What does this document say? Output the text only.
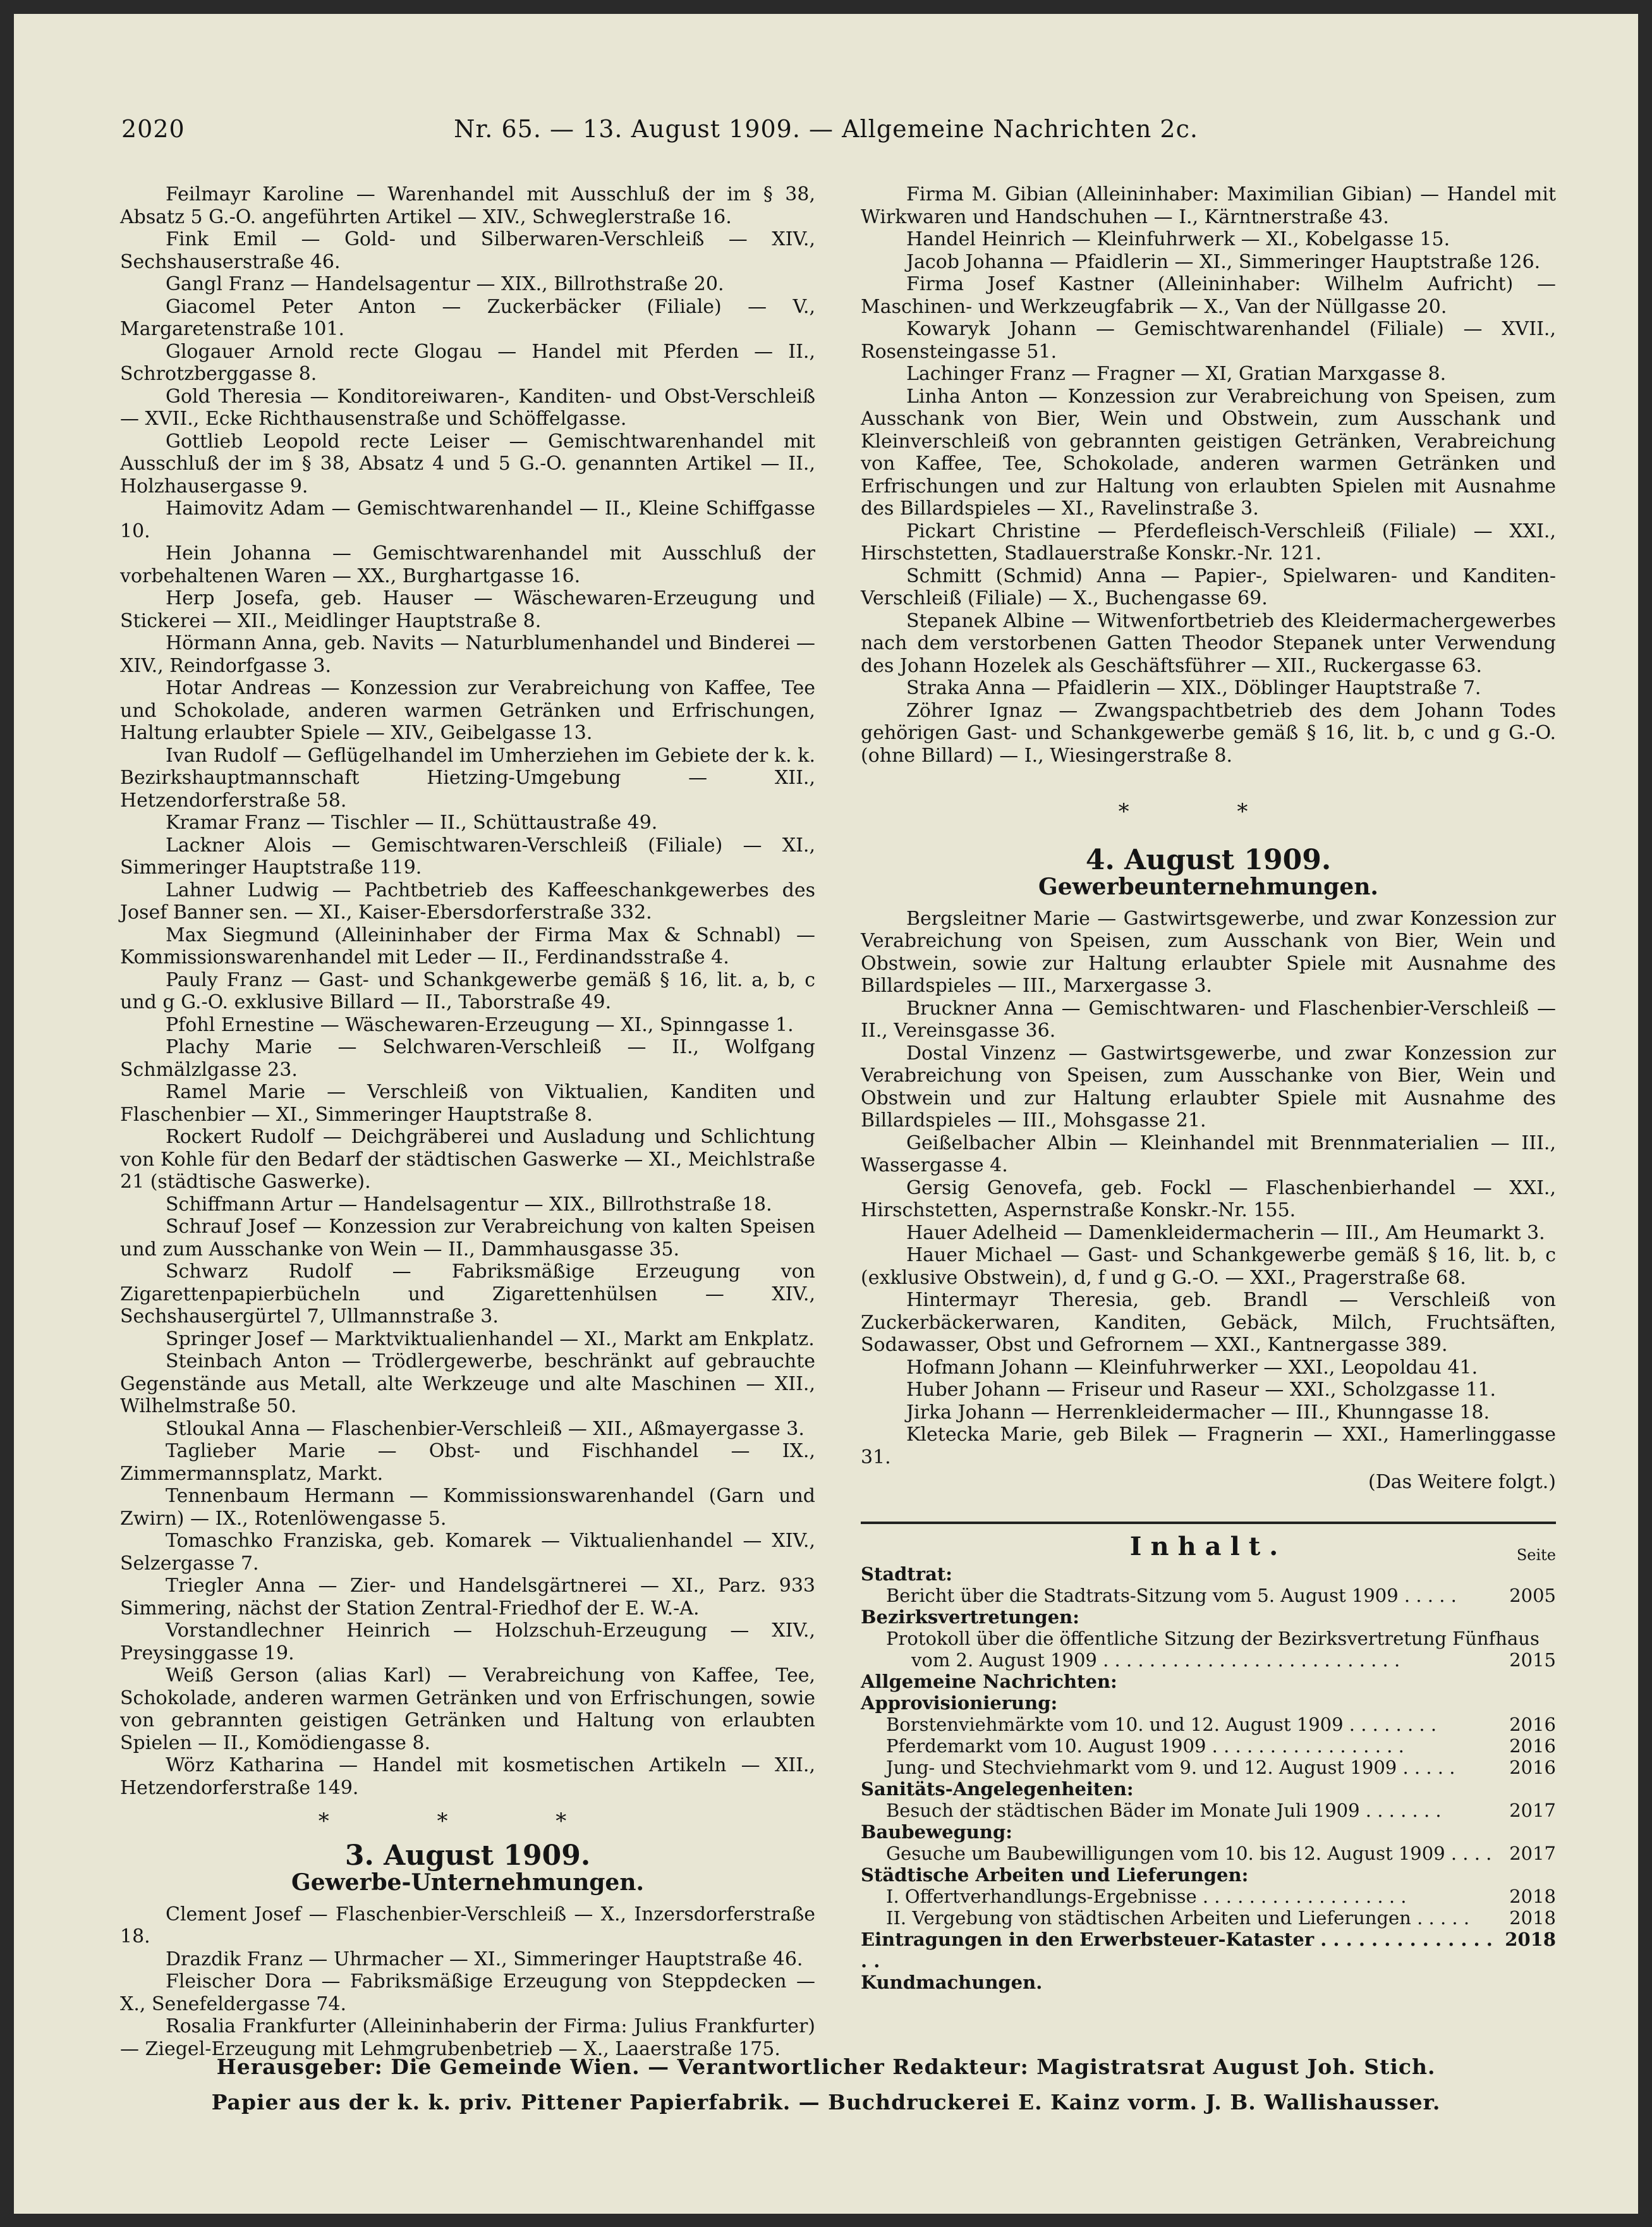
2020	Nr. 65. — 13. August 1909. — Allgemeine Nachrichten 2c.

Feilmayr Karoline — Warenhandel mit Ausschluß der im § 38, Absatz 5 G.-O. angeführten Artikel — XIV., Schweglerstraße 16.

Fink Emil — Gold- und Silberwaren-Verschleiß — XIV., Sechshauserstraße 46.

Gangl Franz — Handelsagentur — XIX., Billrothstraße 20.

Giacomel Peter Anton — Zuckerbäcker (Filiale) — V., Margaretenstraße 101.

Glogauer Arnold recte Glogau — Handel mit Pferden — II., Schrotzberggasse 8.

Gold Theresia — Konditoreiwaren-, Kanditen- und Obst-Verschleiß — XVII., Ecke Richthausenstraße und Schöffelgasse.

Gottlieb Leopold recte Leiser — Gemischtwarenhandel mit Ausschluß der im § 38, Absatz 4 und 5 G.-O. genannten Artikel — II., Holzhausergasse 9.

Haimovitz Adam — Gemischtwarenhandel — II., Kleine Schiffgasse 10.

Hein Johanna — Gemischtwarenhandel mit Ausschluß der vorbehaltenen Waren — XX., Burghartgasse 16.

Herp Josefa, geb. Hauser — Wäschewaren-Erzeugung und Stickerei — XII., Meidlinger Hauptstraße 8.

Hörmann Anna, geb. Navits — Naturblumenhandel und Binderei — XIV., Reindorfgasse 3.

Hotar Andreas — Konzession zur Verabreichung von Kaffee, Tee und Schokolade, anderen warmen Getränken und Erfrischungen, Haltung erlaubter Spiele — XIV., Geibelgasse 13.

Ivan Rudolf — Geflügelhandel im Umherziehen im Gebiete der k. k. Bezirkshauptmannschaft Hietzing-Umgebung — XII., Hetzendorferstraße 58.

Kramar Franz — Tischler — II., Schüttaustraße 49.

Lackner Alois — Gemischtwaren-Verschleiß (Filiale) — XI., Simmeringer Hauptstraße 119.

Lahner Ludwig — Pachtbetrieb des Kaffeeschankgewerbes des Josef Banner sen. — XI., Kaiser-Ebersdorferstraße 332.

Max Siegmund (Alleininhaber der Firma Max & Schnabl) — Kommissionswarenhandel mit Leder — II., Ferdinandsstraße 4.

Pauly Franz — Gast- und Schankgewerbe gemäß § 16, lit. a, b, c und g G.-O. exklusive Billard — II., Taborstraße 49.

Pfohl Ernestine — Wäschewaren-Erzeugung — XI., Spinngasse 1.

Plachy Marie — Selchwaren-Verschleiß — II., Wolfgang Schmälzlgasse 23.

Ramel Marie — Verschleiß von Viktualien, Kanditen und Flaschenbier — XI., Simmeringer Hauptstraße 8.

Rockert Rudolf — Deichgräberei und Ausladung und Schlichtung von Kohle für den Bedarf der städtischen Gaswerke — XI., Meichlstraße 21 (städtische Gaswerke).

Schiffmann Artur — Handelsagentur — XIX., Billrothstraße 18.

Schrauf Josef — Konzession zur Verabreichung von kalten Speisen und zum Ausschanke von Wein — II., Dammhausgasse 35.

Schwarz Rudolf — Fabriksmäßige Erzeugung von Zigarettenpapierbücheln und Zigarettenhülsen — XIV., Sechshausergürtel 7, Ullmannstraße 3.

Springer Josef — Marktviktualienhandel — XI., Markt am Enkplatz.

Steinbach Anton — Trödlergewerbe, beschränkt auf gebrauchte Gegenstände aus Metall, alte Werkzeuge und alte Maschinen — XII., Wilhelmstraße 50.

Stloukal Anna — Flaschenbier-Verschleiß — XII., Aßmayergasse 3.

Taglieber Marie — Obst- und Fischhandel — IX., Zimmermannsplatz, Markt.

Tennenbaum Hermann — Kommissionswarenhandel (Garn und Zwirn) — IX., Rotenlöwengasse 5.

Tomaschko Franziska, geb. Komarek — Viktualienhandel — XIV., Selzergasse 7.

Triegler Anna — Zier- und Handelsgärtnerei — XI., Parz. 933 Simmering, nächst der Station Zentral-Friedhof der E. W.-A.

Vorstandlechner Heinrich — Holzschuh-Erzeugung — XIV., Preysinggasse 19.

Weiß Gerson (alias Karl) — Verabreichung von Kaffee, Tee, Schokolade, anderen warmen Getränken und von Erfrischungen, sowie von gebrannten geistigen Getränken und Haltung von erlaubten Spielen — II., Komödiengasse 8.

Wörz Katharina — Handel mit kosmetischen Artikeln — XII., Hetzendorferstraße 149.

* * *
3. August 1909.
Gewerbe-Unternehmungen.

Clement Josef — Flaschenbier-Verschleiß — X., Inzersdorferstraße 18.

Drazdik Franz — Uhrmacher — XI., Simmeringer Hauptstraße 46.

Fleischer Dora — Fabriksmäßige Erzeugung von Steppdecken — X., Senefeldergasse 74.

Rosalia Frankfurter (Alleininhaberin der Firma: Julius Frankfurter) — Ziegel-Erzeugung mit Lehmgrubenbetrieb — X., Laaerstraße 175.

Firma M. Gibian (Alleininhaber: Maximilian Gibian) — Handel mit Wirkwaren und Handschuhen — I., Kärntnerstraße 43.

Handel Heinrich — Kleinfuhrwerk — XI., Kobelgasse 15.

Jacob Johanna — Pfaidlerin — XI., Simmeringer Hauptstraße 126.

Firma Josef Kastner (Alleininhaber: Wilhelm Aufricht) — Maschinen- und Werkzeugfabrik — X., Van der Nüllgasse 20.

Kowaryk Johann — Gemischtwarenhandel (Filiale) — XVII., Rosensteingasse 51.

Lachinger Franz — Fragner — XI, Gratian Marxgasse 8.

Linha Anton — Konzession zur Verabreichung von Speisen, zum Ausschank von Bier, Wein und Obstwein, zum Ausschank und Kleinverschleiß von gebrannten geistigen Getränken, Verabreichung von Kaffee, Tee, Schokolade, anderen warmen Getränken und Erfrischungen und zur Haltung von erlaubten Spielen mit Ausnahme des Billardspieles — XI., Ravelinstraße 3.

Pickart Christine — Pferdefleisch-Verschleiß (Filiale) — XXI., Hirschstetten, Stadlauerstraße Konskr.-Nr. 121.

Schmitt (Schmid) Anna — Papier-, Spielwaren- und Kanditen-Verschleiß (Filiale) — X., Buchengasse 69.

Stepanek Albine — Witwenfortbetrieb des Kleidermachergewerbes nach dem verstorbenen Gatten Theodor Stepanek unter Verwendung des Johann Hozelek als Geschäftsführer — XII., Ruckergasse 63.

Straka Anna — Pfaidlerin — XIX., Döblinger Hauptstraße 7.

Zöhrer Ignaz — Zwangspachtbetrieb des dem Johann Todes gehörigen Gast- und Schankgewerbe gemäß § 16, lit. b, c und g G.-O. (ohne Billard) — I., Wiesingerstraße 8.

* *
4. August 1909.
Gewerbeunternehmungen.

Bergsleitner Marie — Gastwirtsgewerbe, und zwar Konzession zur Verabreichung von Speisen, zum Ausschank von Bier, Wein und Obstwein, sowie zur Haltung erlaubter Spiele mit Ausnahme des Billardspieles — III., Marxergasse 3.

Bruckner Anna — Gemischtwaren- und Flaschenbier-Verschleiß — II., Vereinsgasse 36.

Dostal Vinzenz — Gastwirtsgewerbe, und zwar Konzession zur Verabreichung von Speisen, zum Ausschanke von Bier, Wein und Obstwein und zur Haltung erlaubter Spiele mit Ausnahme des Billardspieles — III., Mohsgasse 21.

Geißelbacher Albin — Kleinhandel mit Brennmaterialien — III., Wassergasse 4.

Gersig Genovefa, geb. Fockl — Flaschenbierhandel — XXI., Hirschstetten, Aspernstraße Konskr.-Nr. 155.

Hauer Adelheid — Damenkleidermacherin — III., Am Heumarkt 3.

Hauer Michael — Gast- und Schankgewerbe gemäß § 16, lit. b, c (exklusive Obstwein), d, f und g G.-O. — XXI., Pragerstraße 68.

Hintermayr Theresia, geb. Brandl — Verschleiß von Zuckerbäckerwaren, Kanditen, Gebäck, Milch, Fruchtsäften, Sodawasser, Obst und Gefrornem — XXI., Kantnergasse 389.

Hofmann Johann — Kleinfuhrwerker — XXI., Leopoldau 41.

Huber Johann — Friseur und Raseur — XXI., Scholzgasse 11.

Jirka Johann — Herrenkleidermacher — III., Khunngasse 18.

Kletecka Marie, geb Bilek — Fragnerin — XXI., Hamerlinggasse 31.

(Das Weitere folgt.)

Inhalt.	Seite
Stadtrat:
Bericht über die Stadtrats-Sitzung vom 5. August 1909 . . . . .	2005
Bezirksvertretungen:
Protokoll über die öffentliche Sitzung der Bezirksvertretung Fünfhaus
vom 2. August 1909 . . . . . . . . . . . . . . . . . . . . . . . . . .	2015
Allgemeine Nachrichten:
Approvisionierung:
Borstenviehmärkte vom 10. und 12. August 1909 . . . . . . . .	2016
Pferdemarkt vom 10. August 1909 . . . . . . . . . . . . . . . . .	2016
Jung- und Stechviehmarkt vom 9. und 12. August 1909 . . . . .	2016
Sanitäts-Angelegenheiten:
Besuch der städtischen Bäder im Monate Juli 1909 . . . . . . .	2017
Baubewegung:
Gesuche um Baubewilligungen vom 10. bis 12. August 1909 . . . . 2017
Städtische Arbeiten und Lieferungen:
I. Offertverhandlungs-Ergebnisse . . . . . . . . . . . . . . . . . .	2018
II. Vergebung von städtischen Arbeiten und Lieferungen . . . . . 2018
Eintragungen in den Erwerbsteuer-Kataster . . . . . . . . . . . . . . . .
2018
Kundmachungen.
Herausgeber: Die Gemeinde Wien. — Verantwortlicher Redakteur: Magistratsrat August Joh. Stich.
Papier aus der k. k. priv. Pittener Papierfabrik. — Buchdruckerei E. Kainz vorm. J. B. Wallishausser.
